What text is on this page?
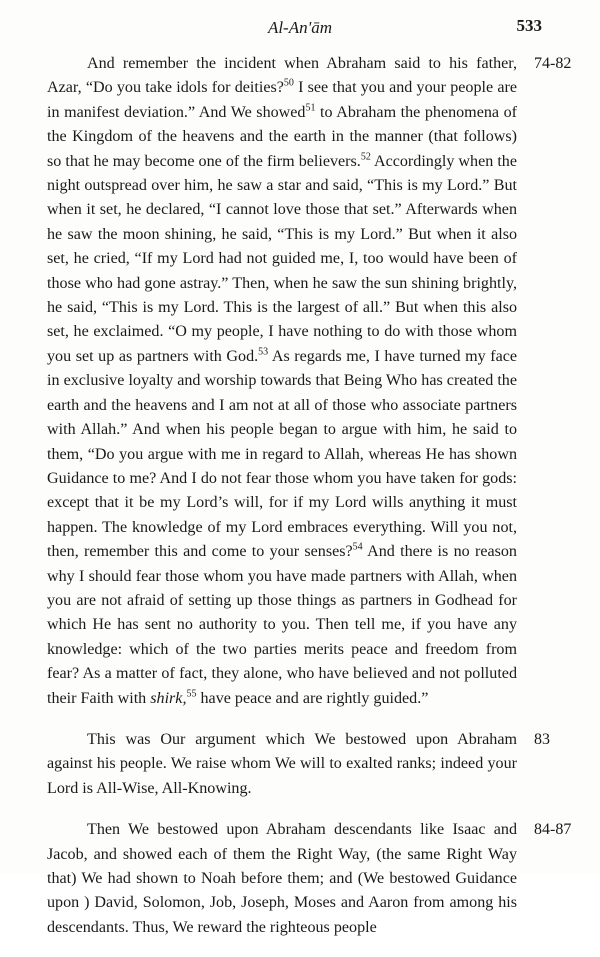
Al-An'ām	533

74-82
And remember the incident when Abraham said to his father, Azar, “Do you take idols for deities?$^{50}$ I see that you and your people are in manifest deviation.” And We showed$^{51}$ to Abraham the phenomena of the Kingdom of the heavens and the earth in the manner (that follows) so that he may become one of the firm believers.$^{52}$ Accordingly when the night outspread over him, he saw a star and said, “This is my Lord.” But when it set, he declared, “I cannot love those that set.” Afterwards when he saw the moon shining, he said, “This is my Lord.” But when it also set, he cried, “If my Lord had not guided me, I, too would have been of those who had gone astray.” Then, when he saw the sun shining brightly, he said, “This is my Lord. This is the largest of all.” But when this also set, he exclaimed. “O my people, I have nothing to do with those whom you set up as partners with God.$^{53}$ As regards me, I have turned my face in exclusive loyalty and worship towards that Being Who has created the earth and the heavens and I am not at all of those who associate partners with Allah.” And when his people began to argue with him, he said to them, “Do you argue with me in regard to Allah, whereas He has shown Guidance to me? And I do not fear those whom you have taken for gods: except that it be my Lord’s will, for if my Lord wills anything it must happen. The knowledge of my Lord embraces everything. Will you not, then, remember this and come to your senses?$^{54}$ And there is no reason why I should fear those whom you have made partners with Allah, when you are not afraid of setting up those things as partners in Godhead for which He has sent no authority to you. Then tell me, if you have any knowledge: which of the two parties merits peace and freedom from fear? As a matter of fact, they alone, who have believed and not polluted their Faith with shirk,$^{55}$ have peace and are rightly guided.”

83
This was Our argument which We bestowed upon Abraham against his people. We raise whom We will to exalted ranks; indeed your Lord is All-Wise, All-Knowing.

84-87
Then We bestowed upon Abraham descendants like Isaac and Jacob, and showed each of them the Right Way, (the same Right Way that) We had shown to Noah before them; and (We bestowed Guidance upon ) David, Solomon, Job, Joseph, Moses and Aaron from among his descendants. Thus, We reward the righteous people
